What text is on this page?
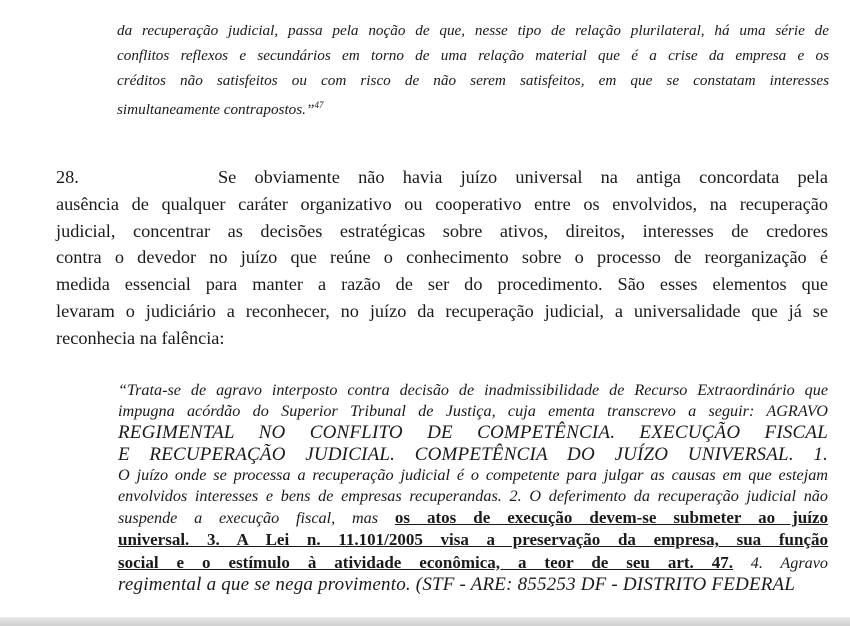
da recuperação judicial, passa pela noção de que, nesse tipo de relação plurilateral, há uma série de
conflitos reflexos e secundários em torno de uma relação material que é a crise da empresa e os
créditos não satisfeitos ou com risco de não serem satisfeitos, em que se constatam interesses
simultaneamente contrapostos.”$^{47}$
28.	Se obviamente não havia juízo universal na antiga concordata pela
ausência de qualquer caráter organizativo ou cooperativo entre os envolvidos, na recuperação
judicial, concentrar as decisões estratégicas sobre ativos, direitos, interesses de credores
contra o devedor no juízo que reúne o conhecimento sobre o processo de reorganização é
medida essencial para manter a razão de ser do procedimento. São esses elementos que
levaram o judiciário a reconhecer, no juízo da recuperação judicial, a universalidade que já se
reconhecia na falência:
“Trata-se de agravo interposto contra decisão de inadmissibilidade de Recurso Extraordinário que
impugna acórdão do Superior Tribunal de Justiça, cuja ementa transcrevo a seguir: AGRAVO
REGIMENTAL NO CONFLITO DE COMPETÊNCIA. EXECUÇÃO FISCAL
E RECUPERAÇÃO JUDICIAL. COMPETÊNCIA DO JUÍZO UNIVERSAL. 1.
O juízo onde se processa a recuperação judicial é o competente para julgar as causas em que estejam
envolvidos interesses e bens de empresas recuperandas. 2. O deferimento da recuperação judicial não
suspende a execução fiscal, mas os atos de execução devem-se submeter ao juízo
universal. 3. A Lei n. 11.101/2005 visa a preservação da empresa, sua função
social e o estímulo à atividade econômica, a teor de seu art. 47. 4. Agravo
regimental a que se nega provimento. (STF - ARE: 855253 DF - DISTRITO FEDERAL
